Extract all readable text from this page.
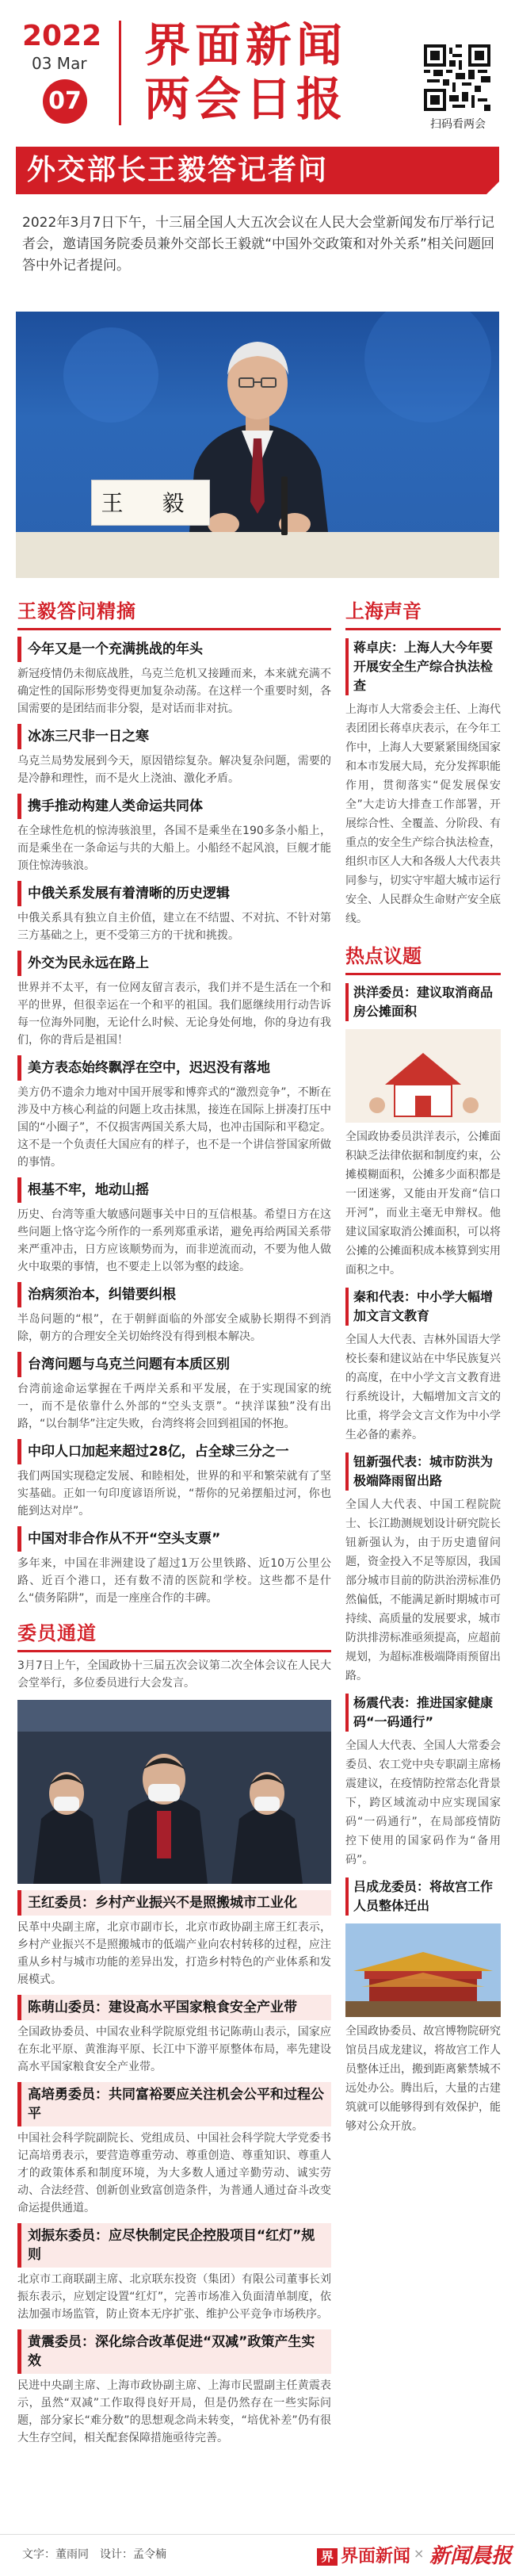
2022
03 Mar
07
界面新闻
两会日报	扫码看两会
外交部长王毅答记者问
2022年3月7日下午，十三届全国人大五次会议在人民大会堂新闻发布厅举行记者会，邀请国务院委员兼外交部长王毅就“中国外交政策和对外关系”相关问题回答中外记者提问。
王 毅
王毅答问精摘
今年又是一个充满挑战的年头
新冠疫情仍未彻底战胜，乌克兰危机又接踵而来，本来就充满不确定性的国际形势变得更加复杂动荡。在这样一个重要时刻，各国需要的是团结而非分裂，是对话而非对抗。
冰冻三尺非一日之寒
乌克兰局势发展到今天，原因错综复杂。解决复杂问题，需要的是冷静和理性，而不是火上浇油、激化矛盾。
携手推动构建人类命运共同体
在全球性危机的惊涛骇浪里，各国不是乘坐在190多条小船上，而是乘坐在一条命运与共的大船上。小船经不起风浪，巨舰才能顶住惊涛骇浪。
中俄关系发展有着清晰的历史逻辑
中俄关系具有独立自主价值，建立在不结盟、不对抗、不针对第三方基础之上，更不受第三方的干扰和挑拨。
外交为民永远在路上
世界并不太平，有一位网友留言表示，我们并不是生活在一个和平的世界，但很幸运在一个和平的祖国。我们愿继续用行动告诉每一位海外同胞，无论什么时候、无论身处何地，你的身边有我们，你的背后是祖国！
美方表态始终飘浮在空中，迟迟没有落地
美方仍不遗余力地对中国开展零和博弈式的“激烈竞争”，不断在涉及中方核心利益的问题上攻击抹黑，接连在国际上拼凑打压中国的“小圈子”，不仅损害两国关系大局，也冲击国际和平稳定。这不是一个负责任大国应有的样子，也不是一个讲信誉国家所做的事情。
根基不牢，地动山摇
历史、台湾等重大敏感问题事关中日的互信根基。希望日方在这些问题上恪守迄今所作的一系列郑重承诺，避免再给两国关系带来严重冲击，日方应该顺势而为，而非逆流而动，不要为他人做火中取栗的事情，也不要走上以邻为壑的歧途。
治病须治本，纠错要纠根
半岛问题的“根”，在于朝鲜面临的外部安全威胁长期得不到消除，朝方的合理安全关切始终没有得到根本解决。
台湾问题与乌克兰问题有本质区别
台湾前途命运掌握在千两岸关系和平发展，在于实现国家的统一，而不是依靠什么外部的“空头支票”。“挟洋谋独”没有出路，“以台制华”注定失败，台湾终将会回到祖国的怀抱。
中印人口加起来超过28亿，占全球三分之一
我们两国实现稳定发展、和睦相处，世界的和平和繁荣就有了坚实基础。正如一句印度谚语所说，“帮你的兄弟摆船过河，你也能到达对岸”。
中国对非合作从不开“空头支票”
多年来，中国在非洲建设了超过1万公里铁路、近10万公里公路、近百个港口，还有数不清的医院和学校。这些都不是什么“债务陷阱”，而是一座座合作的丰碑。
委员通道
3月7日上午，全国政协十三届五次会议第二次全体会议在人民大会堂举行，多位委员进行大会发言。
王红委员：乡村产业振兴不是照搬城市工业化
民革中央副主席，北京市副市长，北京市政协副主席王红表示，乡村产业振兴不是照搬城市的低端产业向农村转移的过程，应注重从乡村与城市功能的差异出发，打造乡村特色的产业体系和发展模式。
陈萌山委员：建设高水平国家粮食安全产业带
全国政协委员、中国农业科学院原党组书记陈萌山表示，国家应在东北平原、黄淮海平原、长江中下游平原整体布局，率先建设高水平国家粮食安全产业带。
高培勇委员：共同富裕要应关注机会公平和过程公平
中国社会科学院副院长、党组成员、中国社会科学院大学党委书记高培勇表示，要营造尊重劳动、尊重创造、尊重知识、尊重人才的政策体系和制度环境，为大多数人通过辛勤劳动、诚实劳动、合法经营、创新创业致富创造条件，为普通人通过奋斗改变命运提供通道。
刘振东委员：应尽快制定民企控股项目“红灯”规则
北京市工商联副主席、北京联东投资（集团）有限公司董事长刘振东表示，应划定设置“红灯”，完善市场准入负面清单制度，依法加强市场监管，防止资本无序扩张、维护公平竞争市场秩序。
黄震委员：深化综合改革促进“双减”政策产生实效
民进中央副主席、上海市政协副主席、上海市民盟副主任黄震表示，虽然“双减”工作取得良好开局，但是仍然存在一些实际问题，部分家长“难分数”的思想观念尚未转变，“培优补差”仍有很大生存空间，相关配套保障措施亟待完善。
上海声音
蒋卓庆：上海人大今年要开展安全生产综合执法检查
上海市人大常委会主任、上海代表团团长蒋卓庆表示，在今年工作中，上海人大要紧紧围绕国家和本市发展大局，充分发挥职能作用，贯彻落实“促发展保安全”大走访大排查工作部署，开展综合性、全覆盖、分阶段、有重点的安全生产综合执法检查，组织市区人大和各级人大代表共同参与，切实守牢超大城市运行安全、人民群众生命财产安全底线。
热点议题
洪洋委员：建议取消商品房公摊面积
全国政协委员洪洋表示，公摊面积缺乏法律依据和制度约束，公摊模糊面积，公摊多少面积都是一团迷雾，又能由开发商“信口开河”，而业主毫无申辩权。他建议国家取消公摊面积，可以将公摊的公摊面积成本核算到实用面积之中。
秦和代表：中小学大幅增加文言文教育
全国人大代表、吉林外国语大学校长秦和建议站在中华民族复兴的高度，在中小学文言文教育进行系统设计，大幅增加文言文的比重，将学会文言文作为中小学生必备的素养。
钮新强代表：城市防洪为极端降雨留出路
全国人大代表、中国工程院院士、长江勘测规划设计研究院长钮新强认为，由于历史遗留问题，资金投入不足等原因，我国部分城市目前的防洪治涝标准仍然偏低，不能满足新时期城市可持续、高质量的发展要求，城市防洪排涝标准亟须提高，应超前规划，为超标准极端降雨预留出路。
杨震代表：推进国家健康码“一码通行”
全国人大代表、全国人大常委会委员、农工党中央专职副主席杨震建议，在疫情防控常态化背景下，跨区域流动中应实现国家码“一码通行”，在局部疫情防控下使用的国家码作为“备用码”。
吕成龙委员：将故宫工作人员整体迁出
全国政协委员、故宫博物院研究馆员吕成龙建议，将故宫工作人员整体迁出，搬到距离紫禁城不远处办公。腾出后，大量的古建筑就可以能够得到有效保护，能够对公众开放。
文字：董雨同　设计：孟令楠	界 界面新闻 × 新闻晨报
